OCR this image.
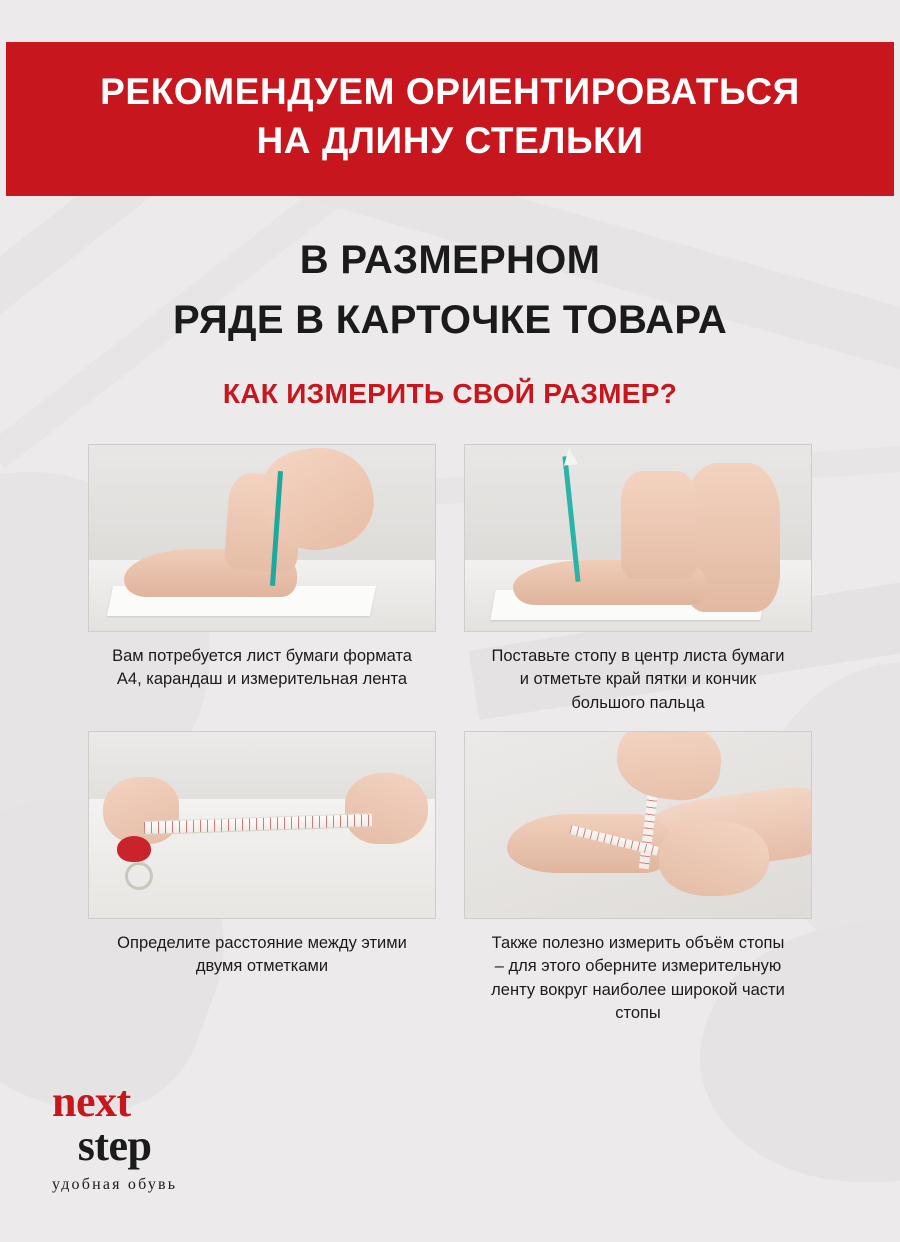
РЕКОМЕНДУЕМ ОРИЕНТИРОВАТЬСЯ
НА ДЛИНУ СТЕЛЬКИ
В РАЗМЕРНОМ
РЯДЕ В КАРТОЧКЕ ТОВАРА
КАК ИЗМЕРИТЬ СВОЙ РАЗМЕР?
Вам потребуется лист бумаги формата А4, карандаш и измерительная лента
Поставьте стопу в центр листа бумаги и отметьте край пятки и кончик большого пальца
Определите расстояние между этими двумя отметками
Также полезно измерить объём стопы – для этого оберните измерительную ленту вокруг наиболее широкой части стопы
next
step
удобная обувь
